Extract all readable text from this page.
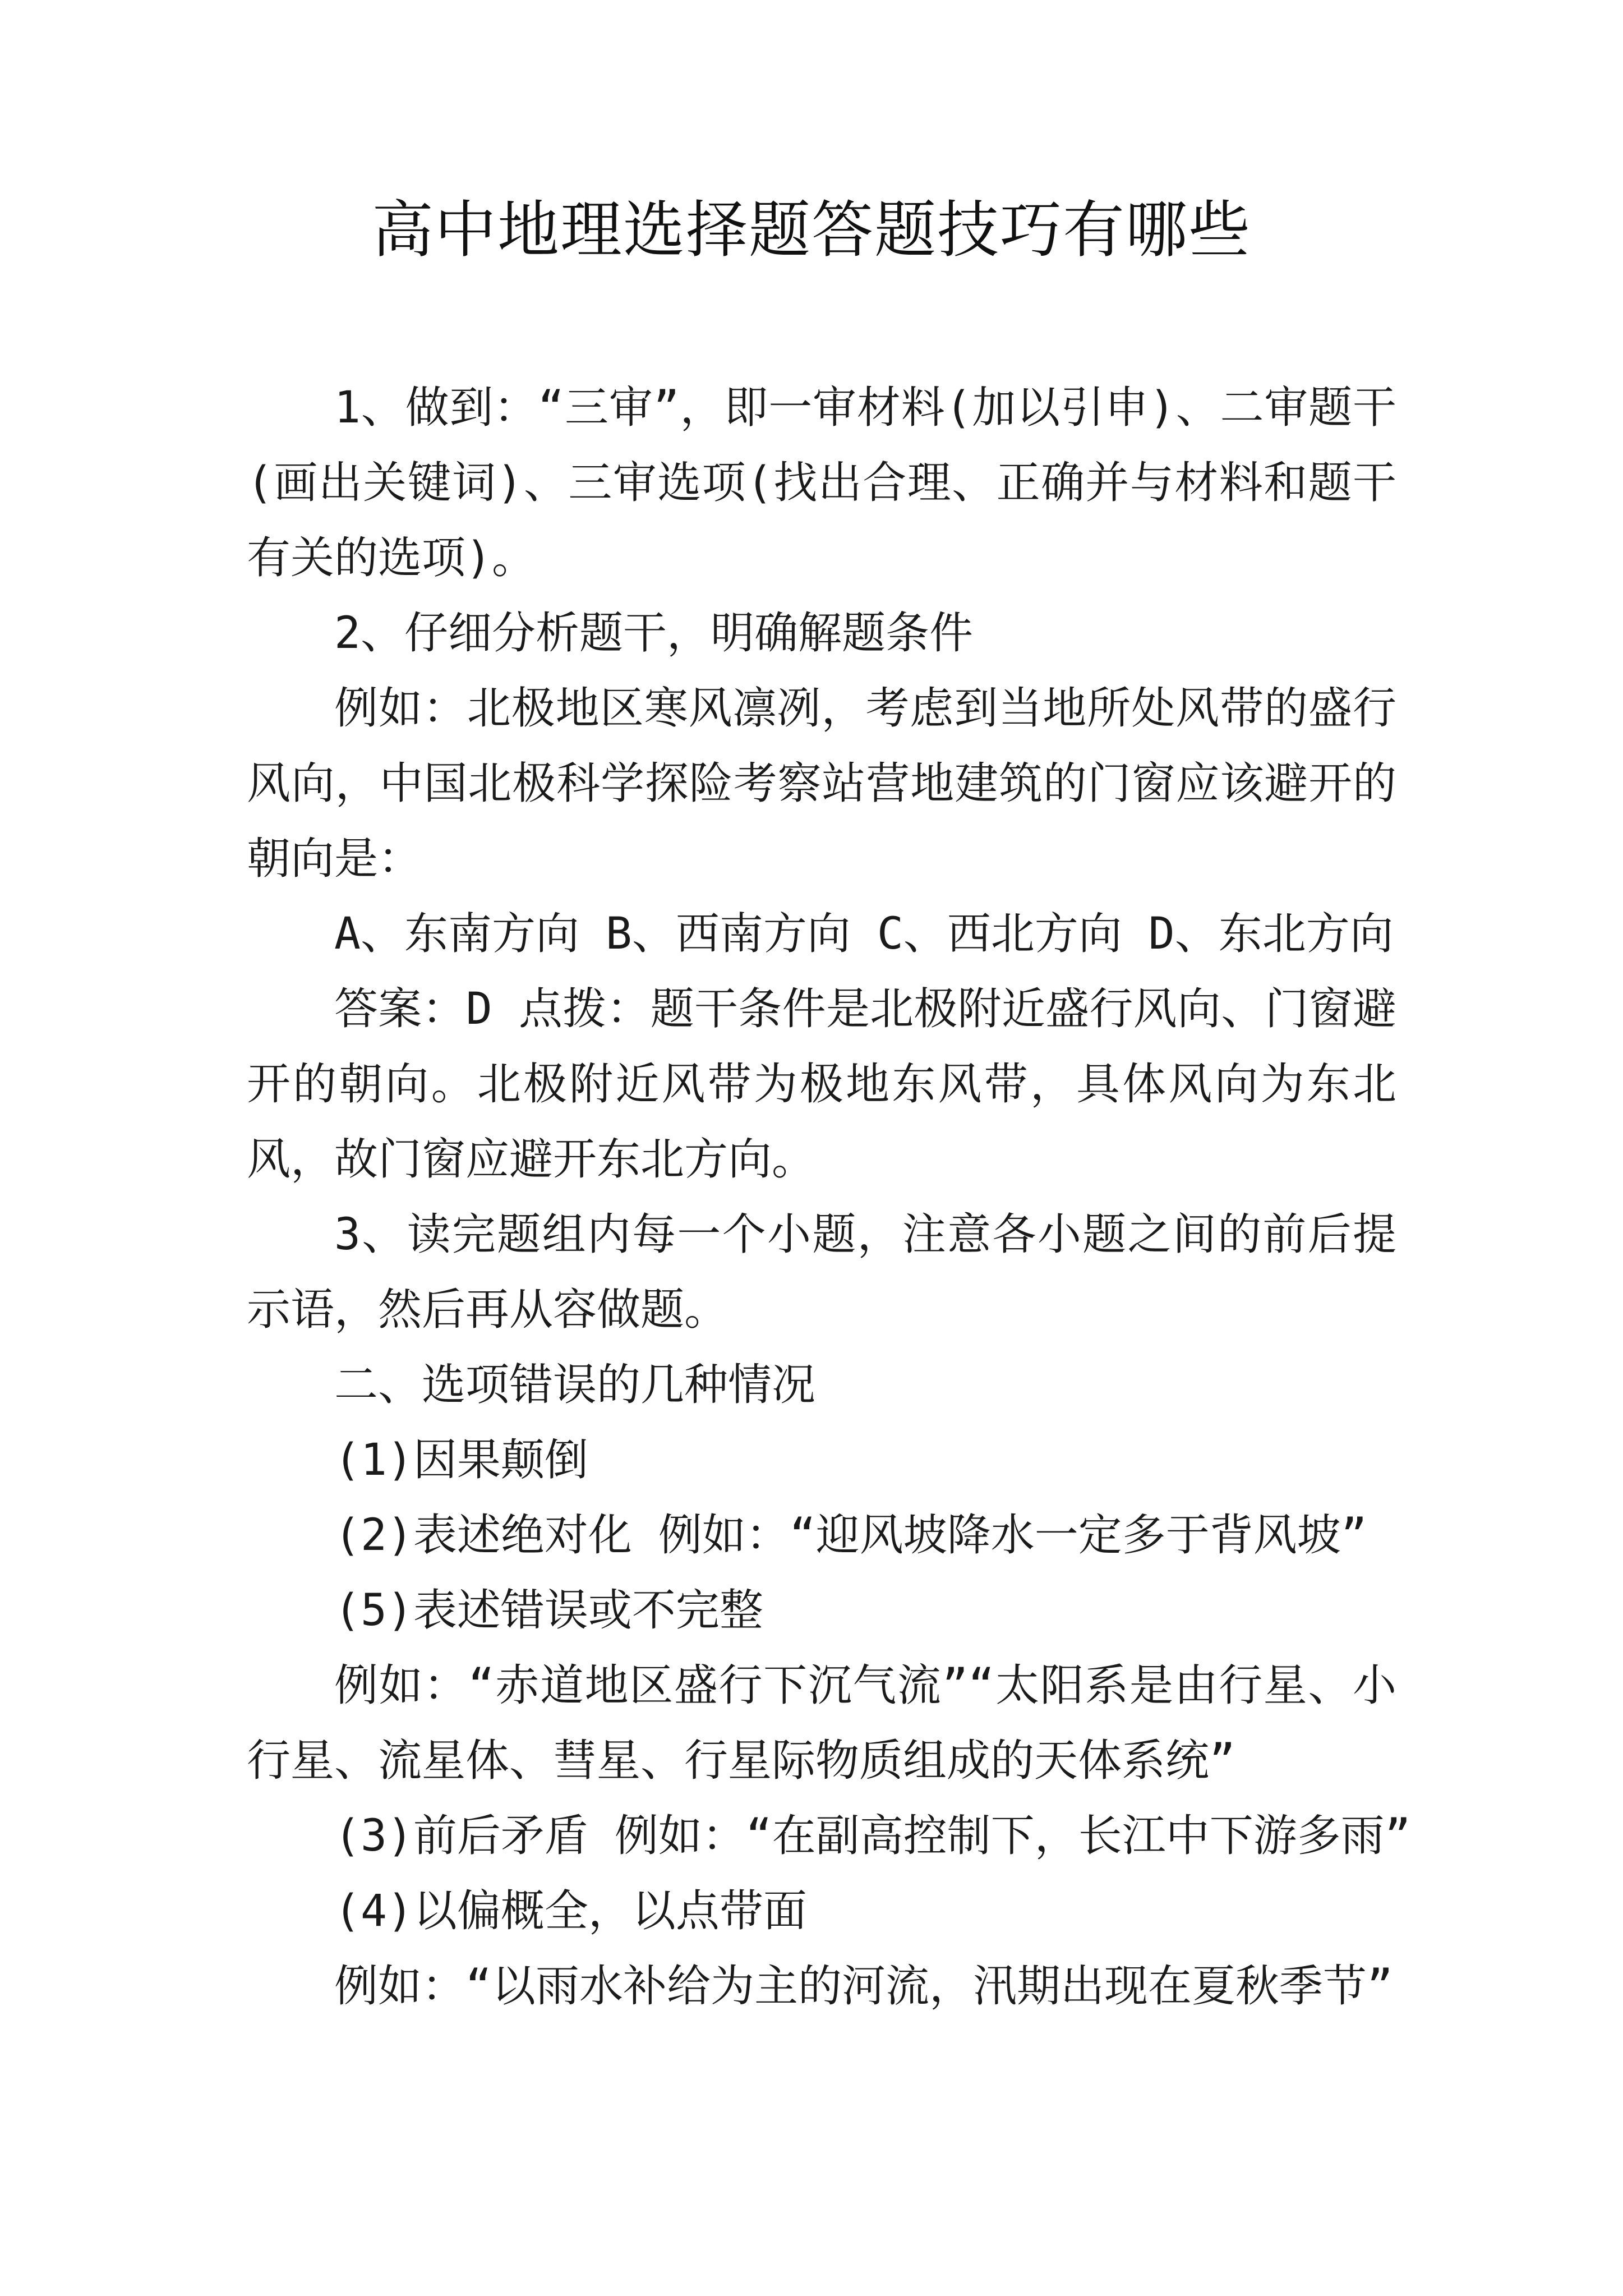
高中地理选择题答题技巧有哪些

1、做到：“三审”，即一审材料(加以引申)、二审题干(画出关键词)、三审选项(找出合理、正确并与材料和题干有关的选项)。

2、仔细分析题干，明确解题条件

例如：北极地区寒风凛冽，考虑到当地所处风带的盛行风向，中国北极科学探险考察站营地建筑的门窗应该避开的朝向是：

A、东南方向 B、西南方向 C、西北方向 D、东北方向

答案：D 点拨：题干条件是北极附近盛行风向、门窗避开的朝向。北极附近风带为极地东风带，具体风向为东北风，故门窗应避开东北方向。

3、读完题组内每一个小题，注意各小题之间的前后提示语，然后再从容做题。

二、选项错误的几种情况

(1)因果颠倒

(2)表述绝对化 例如：“迎风坡降水一定多于背风坡”

(5)表述错误或不完整

例如：“赤道地区盛行下沉气流”“太阳系是由行星、小行星、流星体、彗星、行星际物质组成的天体系统”

(3)前后矛盾 例如：“在副高控制下，长江中下游多雨”

(4)以偏概全，以点带面

例如：“以雨水补给为主的河流，汛期出现在夏秋季节”
